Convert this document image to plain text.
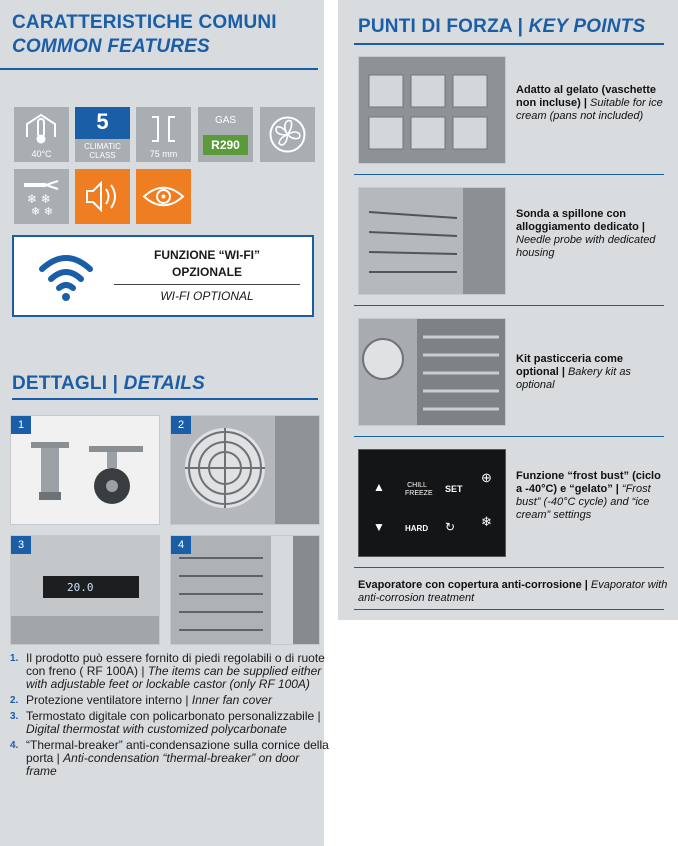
CARATTERISTICHE COMUNI
COMMON FEATURES
40°C
5
CLIMATIC CLASS	75 mm
GAS
R290
❄ ❄
❄ ❄
FUNZIONE “WI-FI”
OPZIONALE
WI-FI OPTIONAL
DETTAGLI | DETAILS
1	2
20.0
3	4
1. Il prodotto può essere fornito di piedi regolabili o di ruote con freno ( RF 100A) | The items can be supplied either with adjustable feet or lockable castor (only RF 100A)
2. Protezione ventilatore interno | Inner fan cover
3. Termostato digitale con policarbonato personalizzabile | Digital thermostat with customized polycarbonate
4. “Thermal-breaker” anti-condensazione sulla cornice della porta | Anti-condensation “thermal-breaker” on door frame
PUNTI DI FORZA | KEY POINTS
Adatto al gelato (vaschette non incluse) | Suitable for ice cream (pans not included)
Sonda a spillone con alloggiamento dedicato | Needle probe with dedicated housing
Kit pasticceria come optional | Bakery kit as optional
▲	CHILL FREEZE SET
⊕
▼	HARD ↻ ❄
Funzione “frost bust” (ciclo a -40°C) e “gelato” | “Frost bust” (-40°C cycle) and “ice cream” settings
Evaporatore con copertura anti-corrosione | Evaporator with anti-corrosion treatment
